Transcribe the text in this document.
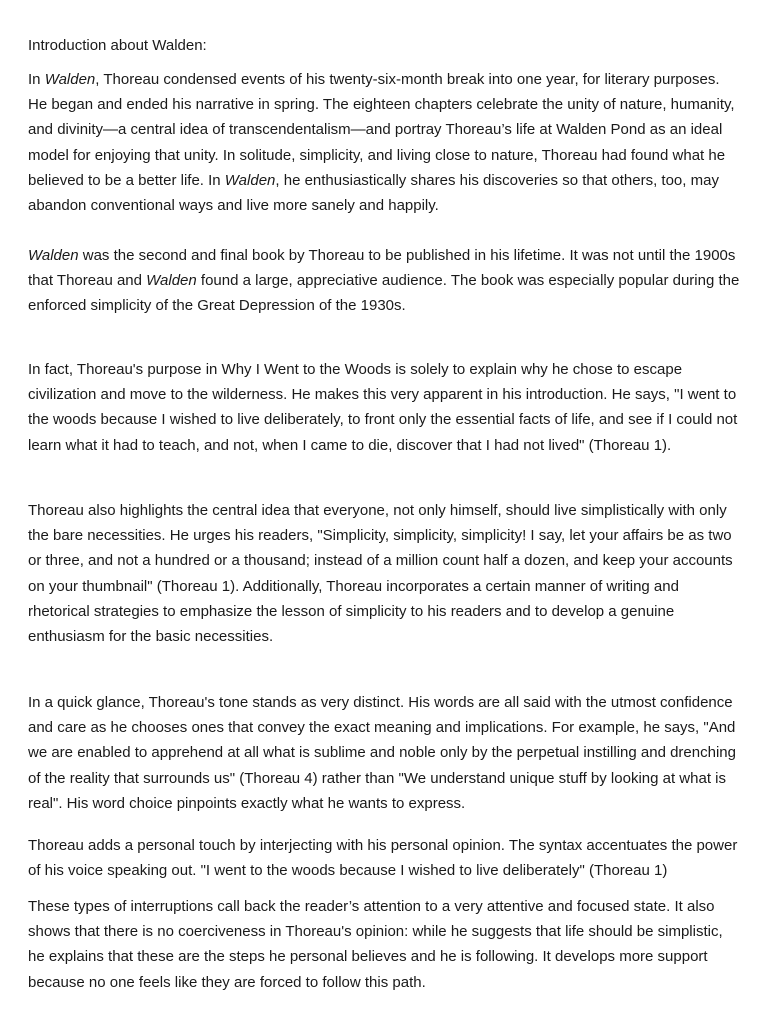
Introduction about Walden:

In Walden, Thoreau condensed events of his twenty-six-month break into one year, for literary purposes. He began and ended his narrative in spring. The eighteen chapters celebrate the unity of nature, humanity, and divinity—a central idea of transcendentalism—and portray Thoreau’s life at Walden Pond as an ideal model for enjoying that unity. In solitude, simplicity, and living close to nature, Thoreau had found what he believed to be a better life. In Walden, he enthusiastically shares his discoveries so that others, too, may abandon conventional ways and live more sanely and happily.

Walden was the second and final book by Thoreau to be published in his lifetime. It was not until the 1900s that Thoreau and Walden found a large, appreciative audience. The book was especially popular during the enforced simplicity of the Great Depression of the 1930s.

In fact, Thoreau's purpose in Why I Went to the Woods is solely to explain why he chose to escape civilization and move to the wilderness. He makes this very apparent in his introduction. He says, "I went to the woods because I wished to live deliberately, to front only the essential facts of life, and see if I could not learn what it had to teach, and not, when I came to die, discover that I had not lived" (Thoreau 1).

Thoreau also highlights the central idea that everyone, not only himself, should live simplistically with only the bare necessities. He urges his readers, "Simplicity, simplicity, simplicity! I say, let your affairs be as two or three, and not a hundred or a thousand; instead of a million count half a dozen, and keep your accounts on your thumbnail" (Thoreau 1). Additionally, Thoreau incorporates a certain manner of writing and rhetorical strategies to emphasize the lesson of simplicity to his readers and to develop a genuine enthusiasm for the basic necessities.

In a quick glance, Thoreau's tone stands as very distinct. His words are all said with the utmost confidence and care as he chooses ones that convey the exact meaning and implications. For example, he says, "And we are enabled to apprehend at all what is sublime and noble only by the perpetual instilling and drenching of the reality that surrounds us" (Thoreau 4) rather than "We understand unique stuff by looking at what is real". His word choice pinpoints exactly what he wants to express.

Thoreau adds a personal touch by interjecting with his personal opinion. The syntax accentuates the power of his voice speaking out. "I went to the woods because I wished to live deliberately" (Thoreau 1)

These types of interruptions call back the reader’s attention to a very attentive and focused state. It also shows that there is no coerciveness in Thoreau's opinion: while he suggests that life should be simplistic, he explains that these are the steps he personal believes and he is following. It develops more support because no one feels like they are forced to follow this path.
